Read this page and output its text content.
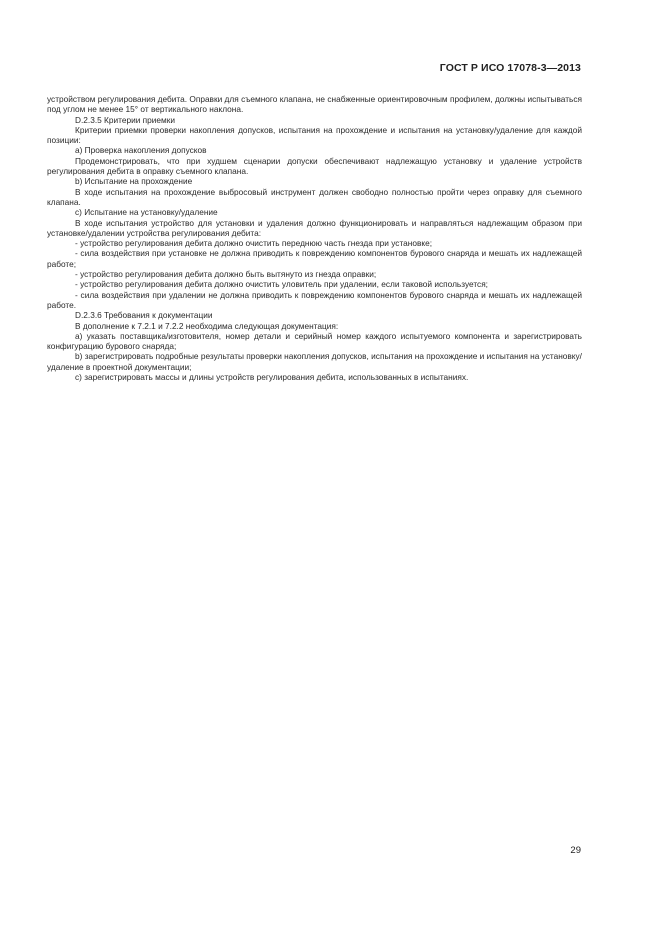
ГОСТ Р ИСО 17078-3—2013

устройством регулирования дебита. Оправки для съемного клапана, не снабженные ориентировочным профилем, должны испытываться под углом не менее 15° от вертикального наклона.

D.2.3.5 Критерии приемки

Критерии приемки проверки накопления допусков, испытания на прохождение и испытания на установку/удаление для каждой позиции:

a) Проверка накопления допусков

Продемонстрировать, что при худшем сценарии допуски обеспечивают надлежащую установку и удаление устройств регулирования дебита в оправку съемного клапана.

b) Испытание на прохождение

В ходе испытания на прохождение выбросовый инструмент должен свободно полностью пройти через оправку для съемного клапана.

c) Испытание на установку/удаление

В ходе испытания устройство для установки и удаления должно функционировать и направляться надлежащим образом при установке/удалении устройства регулирования дебита:

- устройство регулирования дебита должно очистить переднюю часть гнезда при установке;

- сила воздействия при установке не должна приводить к повреждению компонентов бурового снаряда и мешать их надлежащей работе;

- устройство регулирования дебита должно быть вытянуто из гнезда оправки;

- устройство регулирования дебита должно очистить уловитель при удалении, если таковой используется;

- сила воздействия при удалении не должна приводить к повреждению компонентов бурового снаряда и мешать их надлежащей работе.

D.2.3.6 Требования к документации

В дополнение к 7.2.1 и 7.2.2 необходима следующая документация:

a) указать поставщика/изготовителя, номер детали и серийный номер каждого испытуемого компонента и зарегистрировать конфигурацию бурового снаряда;

b) зарегистрировать подробные результаты проверки накопления допусков, испытания на прохождение и испытания на установку/удаление в проектной документации;

c) зарегистрировать массы и длины устройств регулирования дебита, использованных в испытаниях.

29
